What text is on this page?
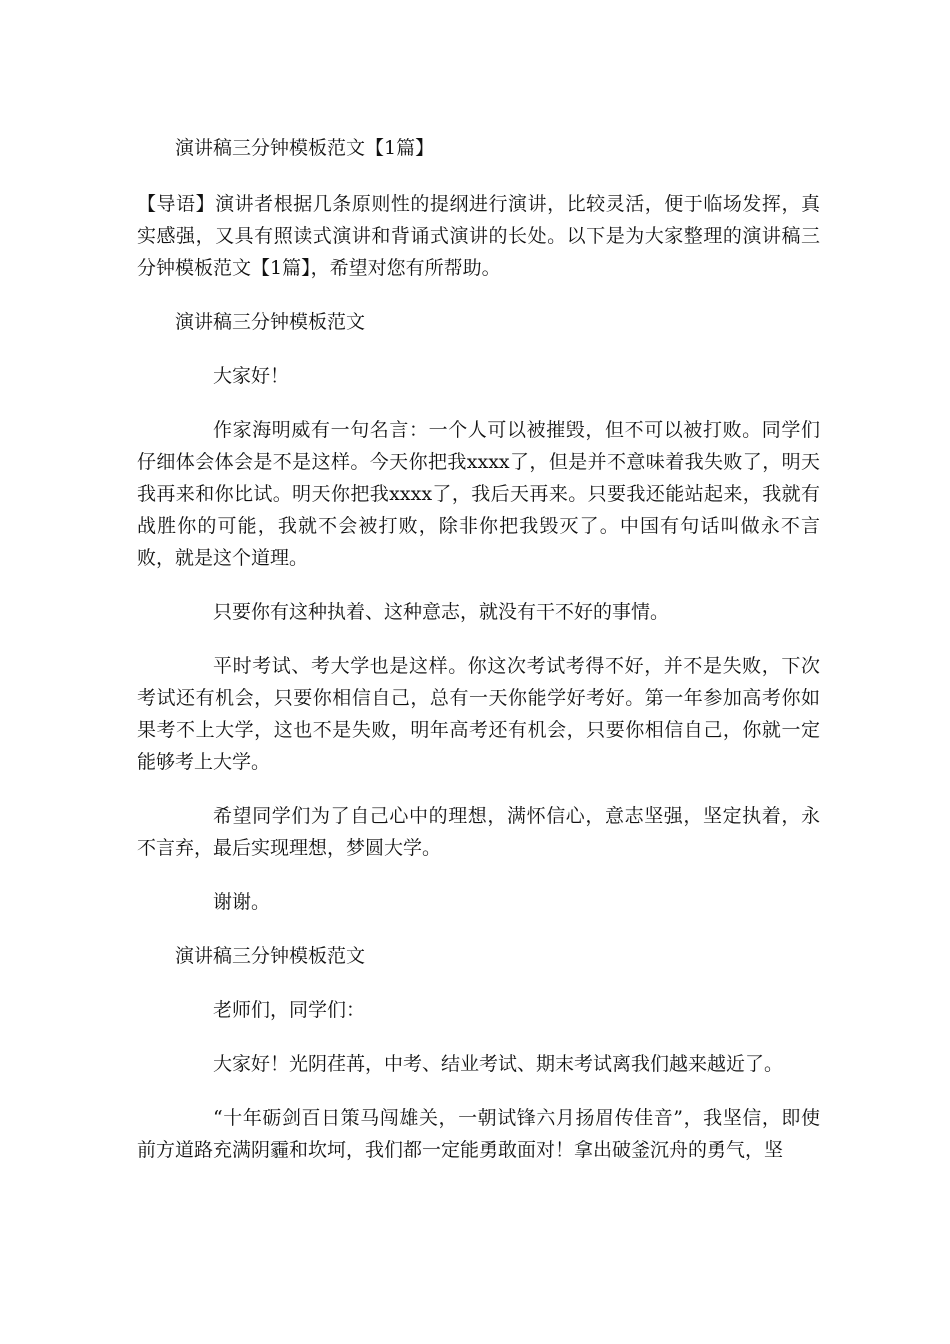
演讲稿三分钟模板范文【1篇】

【导语】演讲者根据几条原则性的提纲进行演讲，比较灵活，便于临场发挥，真实感强，又具有照读式演讲和背诵式演讲的长处。以下是为大家整理的演讲稿三分钟模板范文【1篇】，希望对您有所帮助。

演讲稿三分钟模板范文

大家好！

作家海明威有一句名言：一个人可以被摧毁，但不可以被打败。同学们仔细体会体会是不是这样。今天你把我xxxx了，但是并不意味着我失败了，明天我再来和你比试。明天你把我xxxx了，我后天再来。只要我还能站起来，我就有战胜你的可能，我就不会被打败，除非你把我毁灭了。中国有句话叫做永不言败，就是这个道理。

只要你有这种执着、这种意志，就没有干不好的事情。

平时考试、考大学也是这样。你这次考试考得不好，并不是失败，下次考试还有机会，只要你相信自己，总有一天你能学好考好。第一年参加高考你如果考不上大学，这也不是失败，明年高考还有机会，只要你相信自己，你就一定能够考上大学。

希望同学们为了自己心中的理想，满怀信心，意志坚强，坚定执着，永不言弃，最后实现理想，梦圆大学。

谢谢。

演讲稿三分钟模板范文

老师们，同学们：

大家好！光阴荏苒，中考、结业考试、期末考试离我们越来越近了。

“十年砺剑百日策马闯雄关，一朝试锋六月扬眉传佳音”，我坚信，即使前方道路充满阴霾和坎坷，我们都一定能勇敢面对！拿出破釜沉舟的勇气，坚
